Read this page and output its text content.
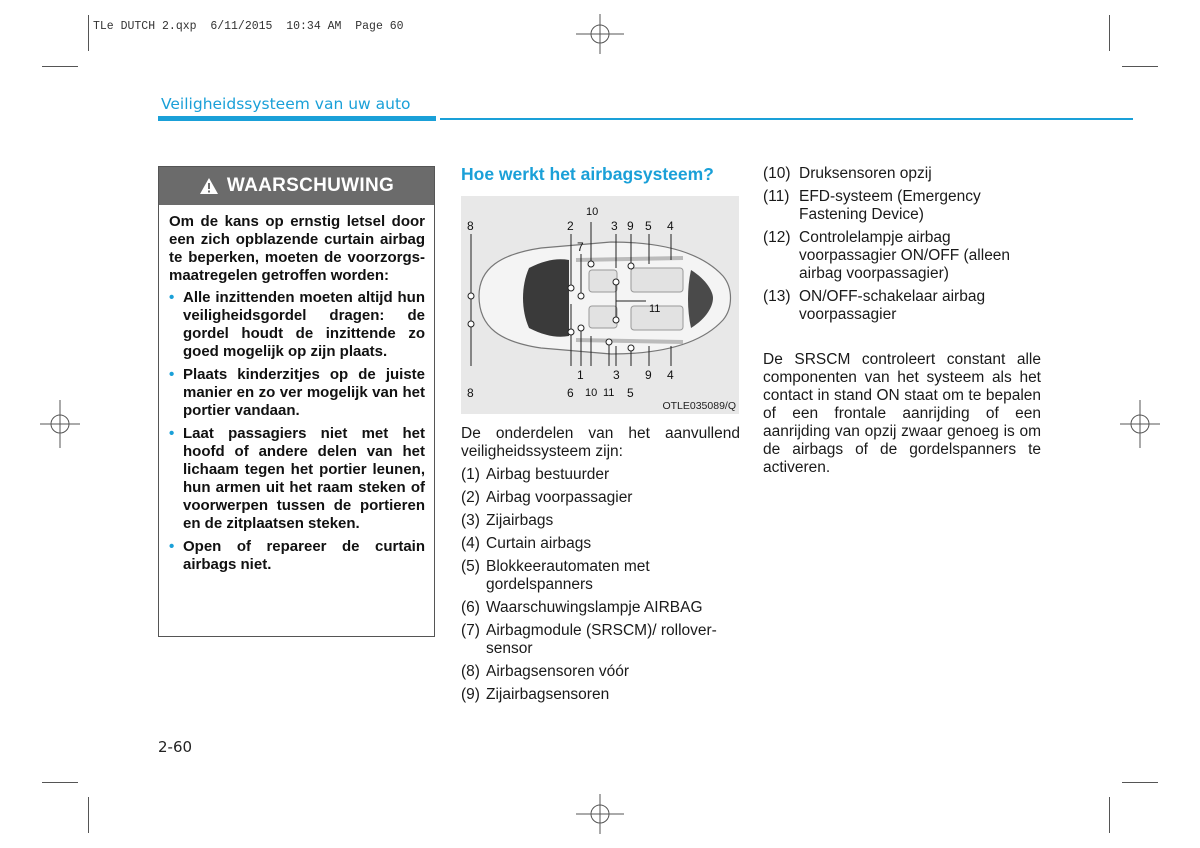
TLe DUTCH 2.qxp  6/11/2015  10:34 AM  Page 60
Veiligheidssysteem van uw auto
WAARSCHUWING

Om de kans op ernstig letsel door een zich opblazende curtain airbag te beperken, moeten de voorzorgs-maatregelen getroffen worden:

• Alle inzittenden moeten altijd hun veiligheidsgordel dragen: de gordel houdt de inzittende zo goed mogelijk op zijn plaats.
• Plaats kinderzitjes op de juiste manier en zo ver mogelijk van het portier vandaan.
• Laat passagiers niet met het hoofd of andere delen van het lichaam tegen het portier leunen, hun armen uit het raam steken of voorwerpen tussen de portieren en de zitplaatsen steken.
• Open of repareer de curtain airbags niet.
Hoe werkt het airbagsysteem?
8	2
10
7
3 9 5 4
11
8
1
6 10 11
3
5
9 4
OTLE035089/Q
De onderdelen van het aanvullend veiligheidssysteem zijn:
(1) Airbag bestuurder
(2) Airbag voorpassagier
(3) Zijairbags
(4) Curtain airbags
(5) Blokkeerautomaten met gordelspanners
(6) Waarschuwingslampje AIRBAG
(7) Airbagmodule (SRSCM)/ rollover-sensor
(8) Airbagsensoren vóór
(9) Zijairbagsensoren
(10) Druksensoren opzij
(11) EFD-systeem (Emergency Fastening Device)
(12) Controlelampje airbag voorpassagier ON/OFF (alleen airbag voorpassagier)
(13) ON/OFF-schakelaar airbag voorpassagier
De SRSCM controleert constant alle componenten van het systeem als het contact in stand ON staat om te bepalen of een frontale aanrijding of een aanrijding van opzij zwaar genoeg is om de airbags of de gordelspanners te activeren.
2-60
